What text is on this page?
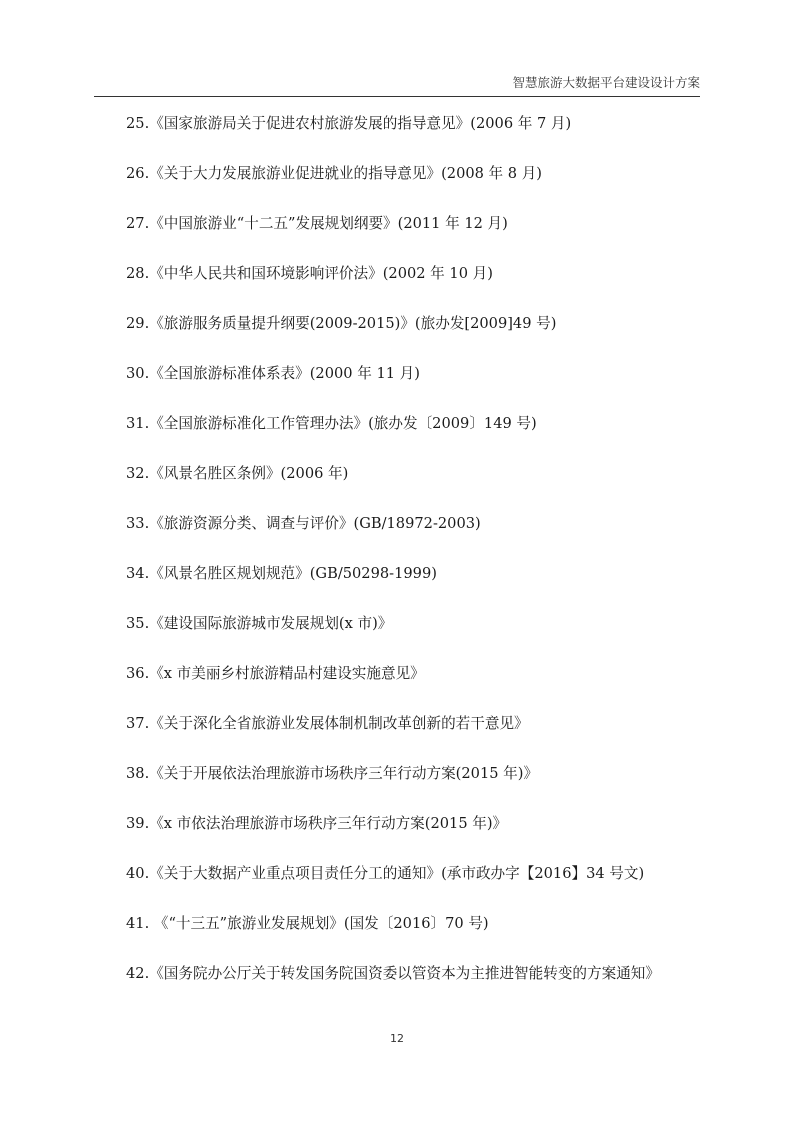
智慧旅游大数据平台建设设计方案
25.《国家旅游局关于促进农村旅游发展的指导意见》(2006 年 7 月)
26.《关于大力发展旅游业促进就业的指导意见》(2008 年 8 月)
27.《中国旅游业“十二五”发展规划纲要》(2011 年 12 月)
28.《中华人民共和国环境影响评价法》(2002 年 10 月)
29.《旅游服务质量提升纲要(2009-2015)》(旅办发[2009]49 号)
30.《全国旅游标准体系表》(2000 年 11 月)
31.《全国旅游标准化工作管理办法》(旅办发〔2009〕149 号)
32.《风景名胜区条例》(2006 年)
33.《旅游资源分类、调查与评价》(GB/18972-2003)
34.《风景名胜区规划规范》(GB/50298-1999)
35.《建设国际旅游城市发展规划(x 市)》
36.《x 市美丽乡村旅游精品村建设实施意见》
37.《关于深化全省旅游业发展体制机制改革创新的若干意见》
38.《关于开展依法治理旅游市场秩序三年行动方案(2015 年)》
39.《x 市依法治理旅游市场秩序三年行动方案(2015 年)》
40.《关于大数据产业重点项目责任分工的通知》(承市政办字【2016】34 号文)
41. 《“十三五”旅游业发展规划》(国发〔2016〕70 号)
42.《国务院办公厅关于转发国务院国资委以管资本为主推进智能转变的方案通知》
12
